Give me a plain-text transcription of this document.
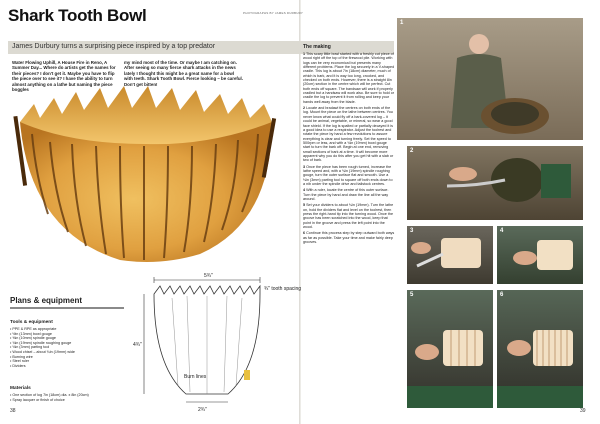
Shark Tooth Bowl	PHOTOGRAPHS BY JAMES DURBURY
James Durbury turns a surprising piece inspired by a top predator
Water Flowing Uphill, A House Fire in Reno, A Summer Day... Where do artists get the names for their pieces? I don't get it. Maybe you have to flip the piece over to see it? I have the ability to turn almost anything on a lathe but naming the piece boggles
my mind most of the time. Or maybe I am catching on. After seeing so many fierce shark attacks in the news lately I thought this might be a great name for a bowl with teeth. Shark Tooth Bowl. Fierce looking – be careful. Don't get bitten!
Plans & equipment
Tools & equipment
• PPE & RPE as appropriate
• ½in (13mm) bowl gouge
• ⅜in (10mm) spindle gouge
• ¾in (19mm) spindle roughing gouge
• ⅛in (3mm) parting tool
• Wood chisel – about ¾in (19mm) wide
• Burning wire
• Steel ruler
• Dividers
Materials
• One section of log 7in (18cm) dia. x 8in (20cm)
• Spray lacquer or finish of choice
5¾"
Burn lines
4¾"
2¾"
¾" tooth spacing
The making

1 This scary little bowl started with a freshly cut piece of wood right off the top of the firewood pile. Working with logs can be very economical but presents many different problems. Place the log securely in a V-shaped cradle. This log is about 7in (18cm) diameter, much of which is bark, and it is way too long, crooked, and checked on both ends. However, there is a straight 8in (20cm) section in the centre which will be perfect. Cut both ends off square. The bandsaw will work if properly cradled but a handsaw will work also. Be sure to hold or cradle the log to prevent it from rolling and keep your hands well away from the blade.

2 Locate and bradawl the centres on both ends of the log. Mount the piece on the lathe between centres. You never know what could fly off a bark-covered log – it could be animal, vegetable, or mineral, so wear a good face shield. If the log is spalted or partially decayed it is a good idea to use a respirator. Adjust the toolrest and rotate the piece by hand a few revolutions to assure everything is clear and turning freely. Set the speed to 500rpm or less, and with a ¾in (19mm) bowl gouge start to turn the bark off. Begin at one end, removing small sections of bark at a time. It will become more apparent why you do this after you get hit with a slab or two of bark.

3 Once the piece has been rough turned, increase the lathe speed and, with a ¾in (19mm) spindle roughing gouge, turn the outer surface flat and smooth. Use a ⅛in (3mm) parting tool to square off both ends down to a nib under the spindle drive and tailstock centres.

4 With a ruler, locate the centre of this outer surface. Turn the piece by hand and draw the line all the way around.

5 Set your dividers to about ¾in (19mm). Turn the lathe on, hold the dividers flat and level on the toolrest, then press the right-hand tip into the turning wood. Once the groove has been scratched into the wood, keep that point in the groove and press the left point into the wood.

6 Continue this process step by step outward both ways as far as possible. Take your time and make fairly deep grooves.

1
2
3	4
5	6
38	39
